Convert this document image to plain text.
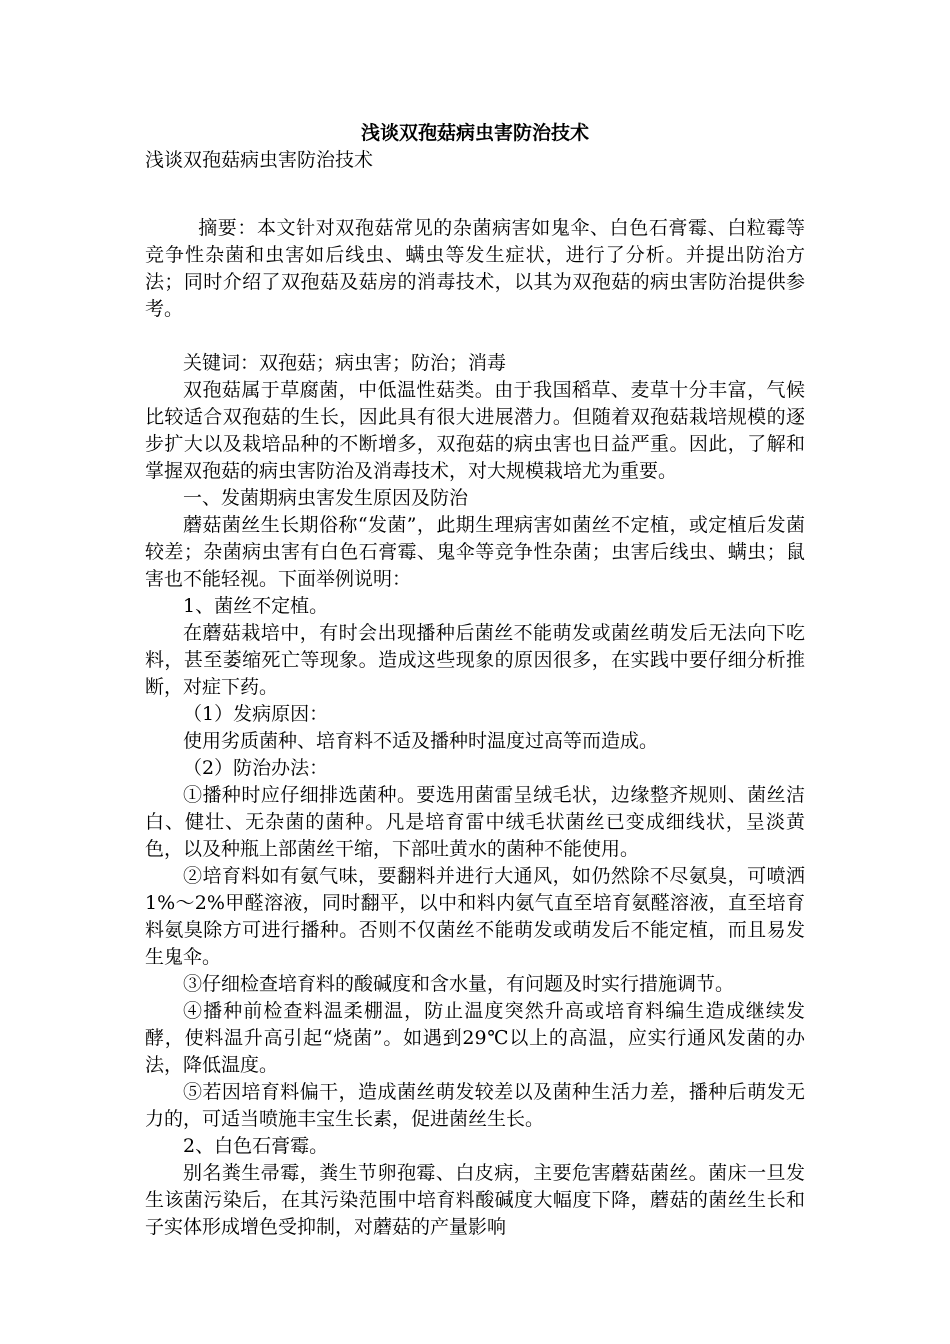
浅谈双孢菇病虫害防治技术

浅谈双孢菇病虫害防治技术

摘要：本文针对双孢菇常见的杂菌病害如鬼伞、白色石膏霉、白粒霉等竞争性杂菌和虫害如后线虫、螨虫等发生症状，进行了分析。并提出防治方法；同时介绍了双孢菇及菇房的消毒技术，以其为双孢菇的病虫害防治提供参考。

关键词：双孢菇；病虫害；防治；消毒

双孢菇属于草腐菌，中低温性菇类。由于我国稻草、麦草十分丰富，气候比较适合双孢菇的生长，因此具有很大进展潜力。但随着双孢菇栽培规模的逐步扩大以及栽培品种的不断增多，双孢菇的病虫害也日益严重。因此，了解和掌握双孢菇的病虫害防治及消毒技术，对大规模栽培尤为重要。

一、发菌期病虫害发生原因及防治

蘑菇菌丝生长期俗称“发菌”，此期生理病害如菌丝不定植，或定植后发菌较差；杂菌病虫害有白色石膏霉、鬼伞等竞争性杂菌；虫害后线虫、螨虫；鼠害也不能轻视。下面举例说明：

1、菌丝不定植。

在蘑菇栽培中，有时会出现播种后菌丝不能萌发或菌丝萌发后无法向下吃料，甚至萎缩死亡等现象。造成这些现象的原因很多，在实践中要仔细分析推断，对症下药。

（1）发病原因：

使用劣质菌种、培育料不适及播种时温度过高等而造成。

（2）防治办法：

①播种时应仔细排选菌种。要选用菌雷呈绒毛状，边缘整齐规则、菌丝洁白、健壮、无杂菌的菌种。凡是培育雷中绒毛状菌丝已变成细线状，呈淡黄色，以及种瓶上部菌丝干缩，下部吐黄水的菌种不能使用。

②培育料如有氨气味，要翻料并进行大通风，如仍然除不尽氨臭，可喷洒1%～2%甲醛溶液，同时翻平，以中和料内氨气直至培育氨醛溶液，直至培育料氨臭除方可进行播种。否则不仅菌丝不能萌发或萌发后不能定植，而且易发生鬼伞。

③仔细检查培育料的酸碱度和含水量，有问题及时实行措施调节。

④播种前检查料温柔棚温，防止温度突然升高或培育料编生造成继续发酵，使料温升高引起“烧菌”。如遇到29℃以上的高温，应实行通风发菌的办法，降低温度。

⑤若因培育料偏干，造成菌丝萌发较差以及菌种生活力差，播种后萌发无力的，可适当喷施丰宝生长素，促进菌丝生长。

2、白色石膏霉。

别名粪生帚霉，粪生节卵孢霉、白皮病，主要危害蘑菇菌丝。菌床一旦发生该菌污染后，在其污染范围中培育料酸碱度大幅度下降，蘑菇的菌丝生长和子实体形成增色受抑制，对蘑菇的产量影响
